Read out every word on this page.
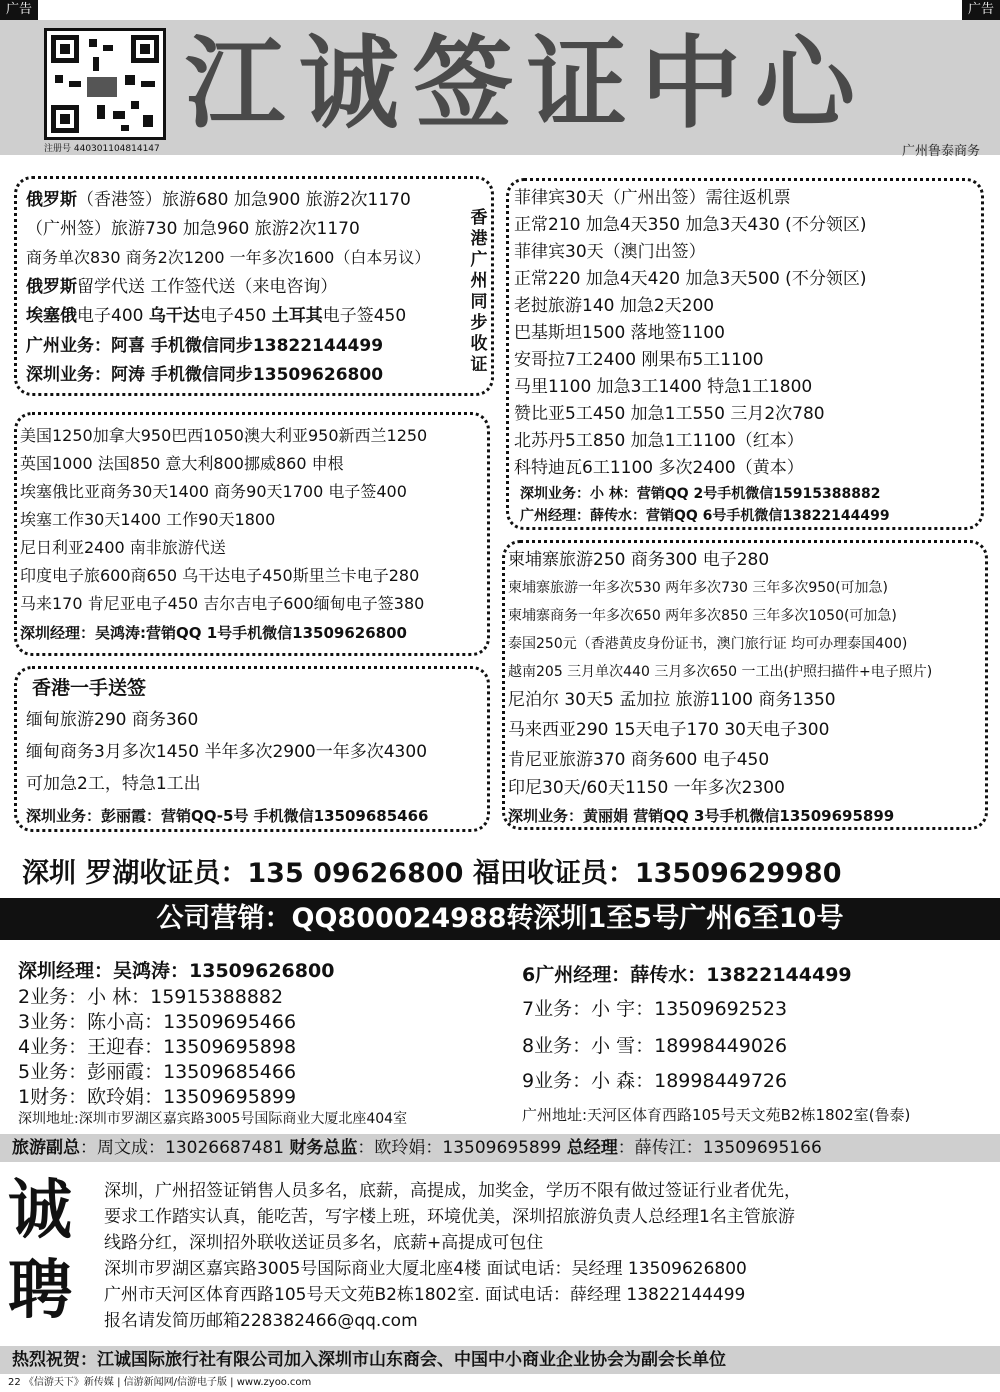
广告	广告
注册号 440301104814147
江诚签证中心
广州鲁泰商务
俄罗斯（香港签）旅游680 加急900 旅游2次1170
（广州签）旅游730 加急960 旅游2次1170
商务单次830 商务2次1200 一年多次1600（白本另议）
俄罗斯留学代送 工作签代送（来电咨询）
埃塞俄电子400 乌干达电子450 土耳其电子签450
广州业务：阿喜 手机微信同步13822144499
深圳业务：阿涛 手机微信同步13509626800
香港广州同步收证
美国1250加拿大950巴西1050澳大利亚950新西兰1250
英国1000 法国850 意大利800挪威860 申根
埃塞俄比亚商务30天1400 商务90天1700 电子签400
埃塞工作30天1400 工作90天1800
尼日利亚2400 南非旅游代送
印度电子旅600商650 乌干达电子450斯里兰卡电子280
马来170 肯尼亚电子450 吉尔吉电子600缅甸电子签380
深圳经理：吴鸿涛:营销QQ 1号手机微信13509626800
香港一手送签
缅甸旅游290 商务360
缅甸商务3月多次1450 半年多次2900一年多次4300
可加急2工，特急1工出
深圳业务：彭丽霞：营销QQ-5号 手机微信13509685466
菲律宾30天（广州出签）需往返机票
正常210 加急4天350 加急3天430 (不分领区)
菲律宾30天（澳门出签）
正常220 加急4天420 加急3天500 (不分领区)
老挝旅游140 加急2天200
巴基斯坦1500 落地签1100
安哥拉7工2400 刚果布5工1100
马里1100 加急3工1400 特急1工1800
赞比亚5工450 加急1工550 三月2次780
北苏丹5工850 加急1工1100（红本）
科特迪瓦6工1100 多次2400（黄本）
深圳业务：小 林：营销QQ 2号手机微信15915388882
广州经理：薛传水：营销QQ 6号手机微信13822144499
柬埔寨旅游250 商务300 电子280
柬埔寨旅游一年多次530 两年多次730 三年多次950(可加急)
柬埔寨商务一年多次650 两年多次850 三年多次1050(可加急)
泰国250元（香港黄皮身份证书，澳门旅行证 均可办理泰国400)
越南205 三月单次440 三月多次650 一工出(护照扫描件+电子照片)
尼泊尔 30天5 孟加拉 旅游1100 商务1350
马来西亚290 15天电子170 30天电子300
肯尼亚旅游370 商务600 电子450
印尼30天/60天1150 一年多次2300
深圳业务：黄丽娟 营销QQ 3号手机微信13509695899
深圳 罗湖收证员：135 09626800 福田收证员：13509629980
公司营销：QQ800024988转深圳1至5号广州6至10号
深圳经理：吴鸿涛：13509626800
2业务：小 林：15915388882
3业务：陈小高：13509695466
4业务：王迎春：13509695898
5业务：彭丽霞：13509685466
1财务：欧玲娟：13509695899
深圳地址:深圳市罗湖区嘉宾路3005号国际商业大厦北座404室
6广州经理：薛传水：13822144499
7业务：小 宇：13509692523
8业务：小 雪：18998449026
9业务：小 森：18998449726
广州地址:天河区体育西路105号天文苑B2栋1802室(鲁泰)
旅游副总：周文成：13026687481 财务总监：欧玲娟：13509695899 总经理：薛传江：13509695166
诚
聘
深圳，广州招签证销售人员多名，底薪，高提成，加奖金，学历不限有做过签证行业者优先，
要求工作踏实认真，能吃苦，写字楼上班，环境优美，深圳招旅游负责人总经理1名主管旅游
线路分红，深圳招外联收送证员多名，底薪+高提成可包住
深圳市罗湖区嘉宾路3005号国际商业大厦北座4楼 面试电话：吴经理 13509626800
广州市天河区体育西路105号天文苑B2栋1802室. 面试电话：薛经理 13822144499
报名请发简历邮箱228382466@qq.com
热烈祝贺：江诚国际旅行社有限公司加入深圳市山东商会、中国中小商业企业协会为副会长单位
22 《信游天下》新传媒 | 信游新闻网/信游电子版 | www.zyoo.com
